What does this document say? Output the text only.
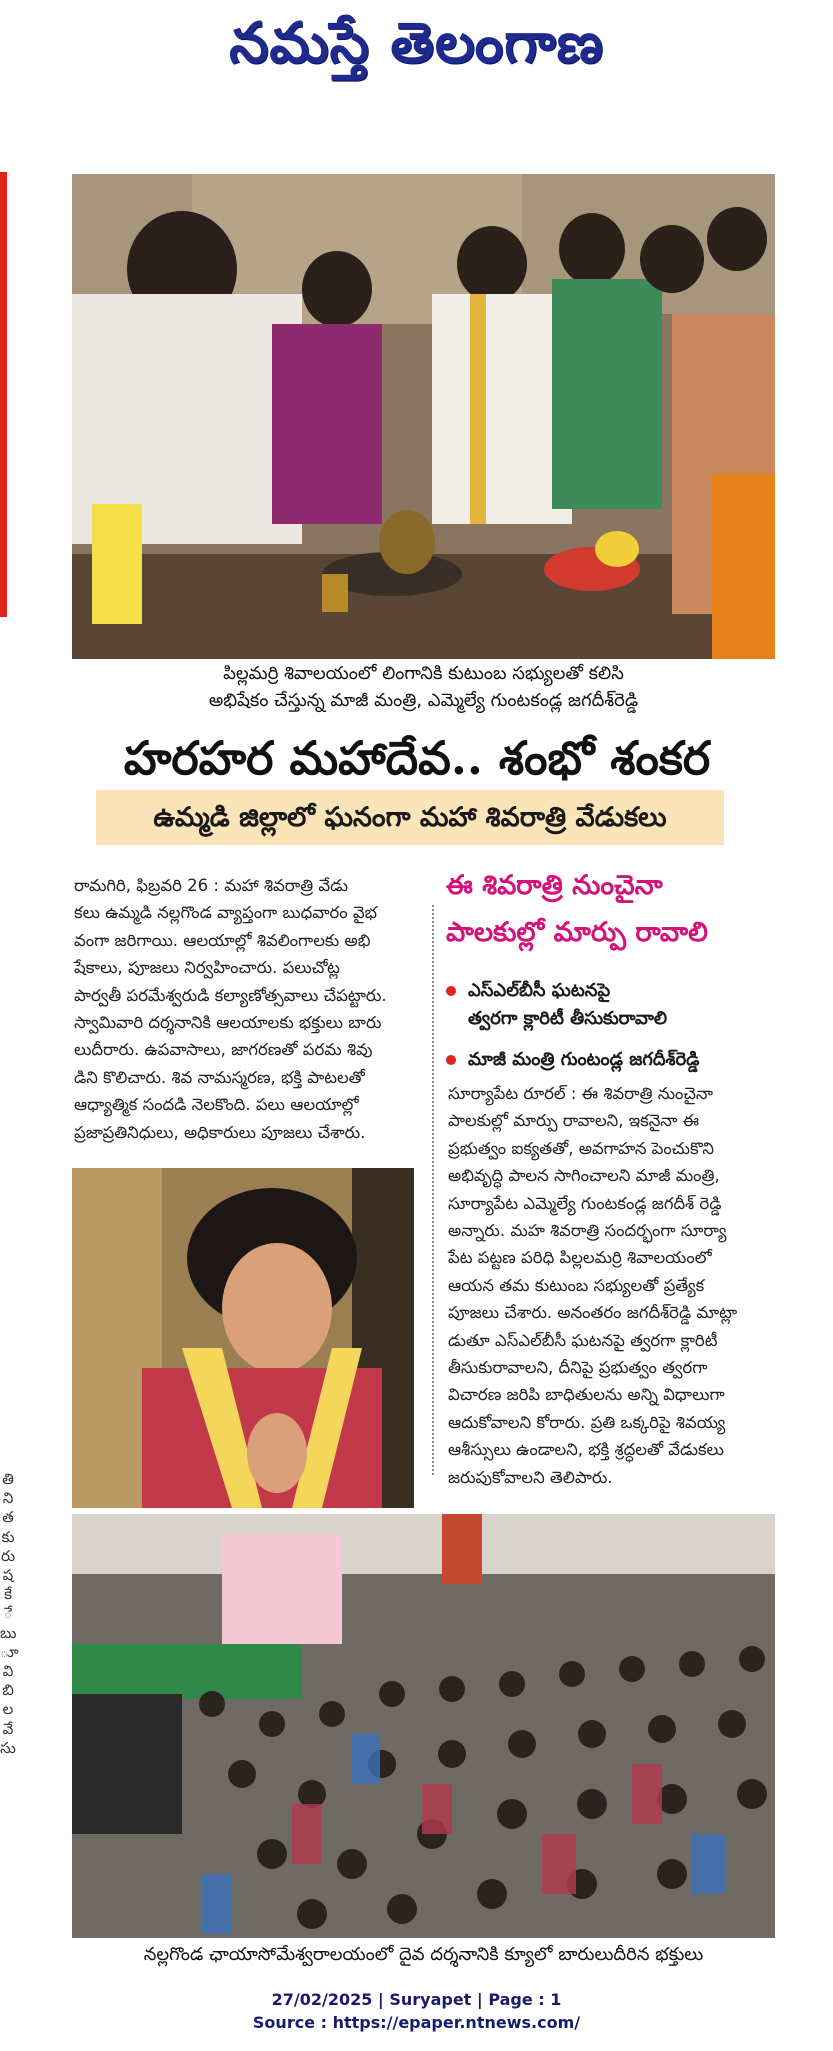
నమస్తే తెలంగాణ
తి
ని
త
కు
రు
ష
కే
ే
బు
ూ
వి
బి
ల
వే
సు
పిల్లమర్రి శివాలయంలో లింగానికి కుటుంబ సభ్యులతో కలిసి
అభిషేకం చేస్తున్న మాజీ మంత్రి, ఎమ్మెల్యే గుంటకండ్ల జగదీశ్‌రెడ్డి
హరహర మహాదేవ.. శంభో శంకర
ఉమ్మడి జిల్లాలో ఘనంగా మహా శివరాత్రి వేడుకలు

రామగిరి, ఫిబ్రవరి 26 : మహా శివరాత్రి వేడు

కలు ఉమ్మడి నల్లగొండ వ్యాప్తంగా బుధవారం వైభ

వంగా జరిగాయి. ఆలయాల్లో శివలింగాలకు అభి

షేకాలు, పూజలు నిర్వహించారు. పలుచోట్ల

పార్వతీ పరమేశ్వరుడి కల్యాణోత్సవాలు చేపట్టారు.

స్వామివారి దర్శనానికి ఆలయాలకు భక్తులు బారు

లుదీరారు. ఉపవాసాలు, జాగరణతో పరమ శివు

డిని కొలిచారు. శివ నామస్మరణ, భక్తి పాటలతో

ఆధ్యాత్మిక సందడి నెలకొంది. పలు ఆలయాల్లో

ప్రజాప్రతినిధులు, అధికారులు పూజలు చేశారు.

ఈ శివరాత్రి నుంచైనా
పాలకుల్లో మార్పు రావాలి
ఎస్‌ఎల్‌బీసీ ఘటనపై
త్వరగా క్లారిటీ తీసుకురావాలి
మాజీ మంత్రి గుంటండ్ల జగదీశ్‌రెడ్డి

సూర్యాపేట రూరల్ : ఈ శివరాత్రి నుంచైనా

పాలకుల్లో మార్పు రావాలని, ఇకనైనా ఈ

ప్రభుత్వం ఐక్యతతో, అవగాహన పెంచుకొని

అభివృద్ధి పాలన సాగించాలని మాజీ మంత్రి,

సూర్యాపేట ఎమ్మెల్యే గుంటకండ్ల జగదీశ్ రెడ్డి

అన్నారు. మహ శివరాత్రి సందర్భంగా సూర్యా

పేట పట్టణ పరిధి పిల్లలమర్రి శివాలయంలో

ఆయన తమ కుటుంబ సభ్యులతో ప్రత్యేక

పూజలు చేశారు. అనంతరం జగదీశ్‌రెడ్డి మాట్లా

డుతూ ఎస్‌ఎల్‌బీసీ ఘటనపై త్వరగా క్లారిటీ

తీసుకురావాలని, దీనిపై ప్రభుత్వం త్వరగా

విచారణ జరిపి బాధితులను అన్ని విధాలుగా

ఆదుకోవాలని కోరారు. ప్రతి ఒక్కరిపై శివయ్య

ఆశీస్సులు ఉండాలని, భక్తి శ్రద్ధలతో వేడుకలు

జరుపుకోవాలని తెలిపారు.

నల్లగొండ ఛాయాసోమేశ్వరాలయంలో దైవ దర్శనానికి క్యూలో బారులుదీరిన భక్తులు
27/02/2025 | Suryapet | Page : 1
Source : https://epaper.ntnews.com/
